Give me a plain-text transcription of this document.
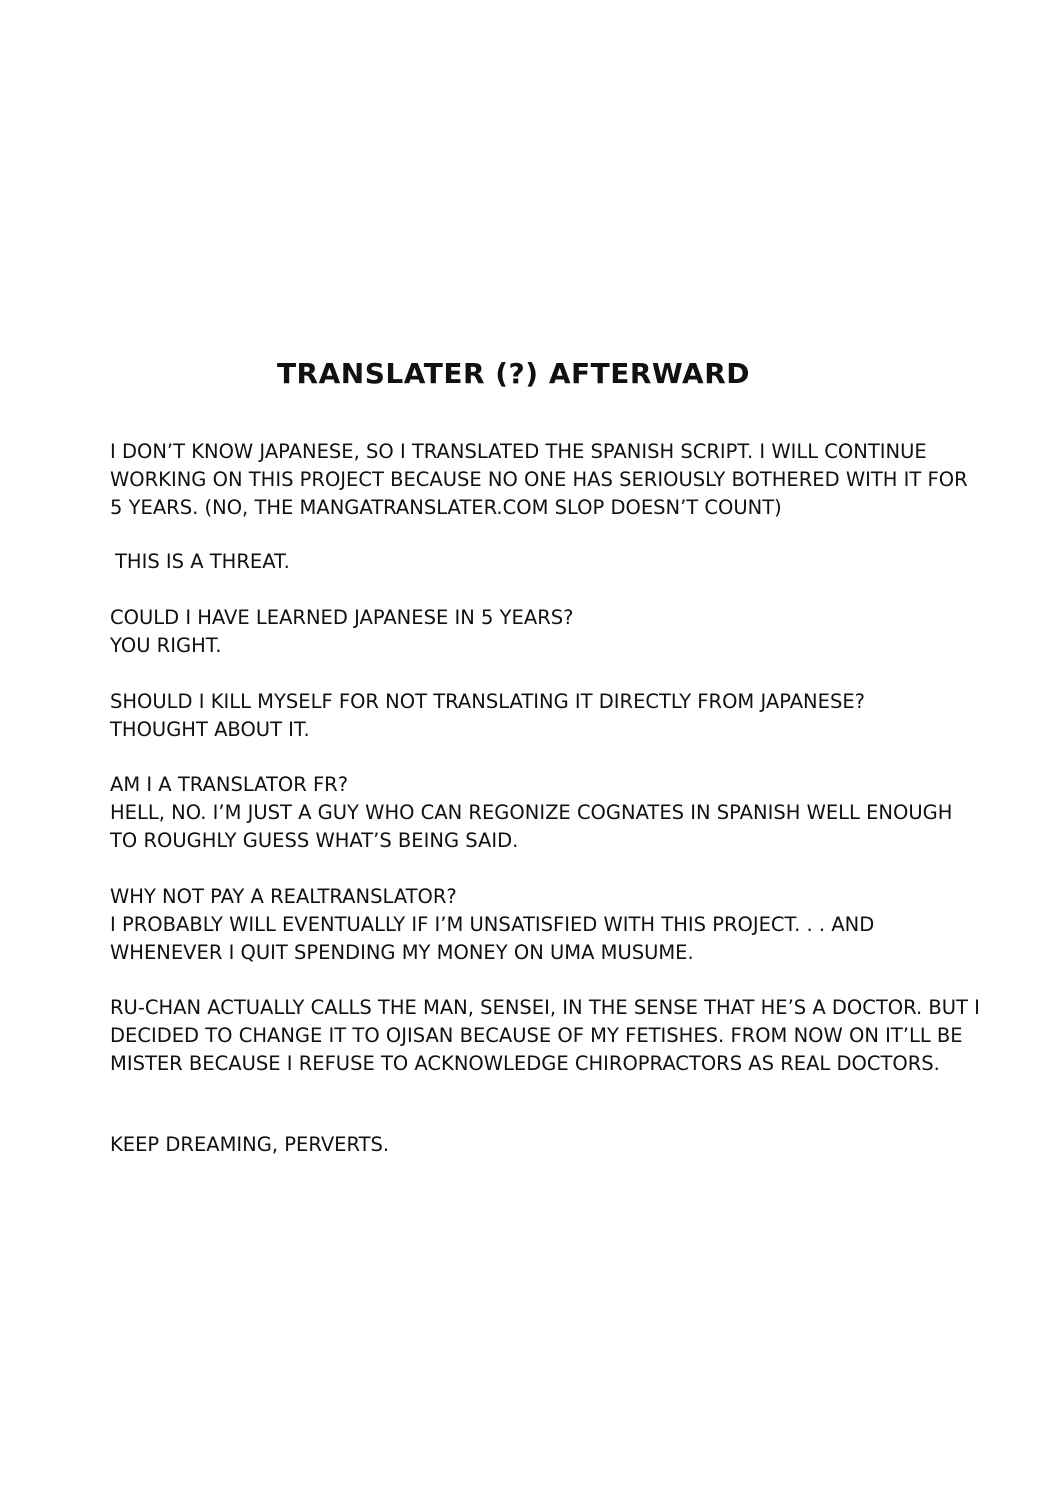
TRANSLATER (?) AFTERWARD

I DON’T KNOW JAPANESE, SO I TRANSLATED THE SPANISH SCRIPT. I WILL CONTINUE
WORKING ON THIS PROJECT BECAUSE NO ONE HAS SERIOUSLY BOTHERED WITH IT FOR
5 YEARS. (NO, THE MANGATRANSLATER.COM SLOP DOESN’T COUNT)

THIS IS A THREAT.

COULD I HAVE LEARNED JAPANESE IN 5 YEARS?
YOU RIGHT.

SHOULD I KILL MYSELF FOR NOT TRANSLATING IT DIRECTLY FROM JAPANESE?
THOUGHT ABOUT IT.

AM I A TRANSLATOR FR?
HELL, NO. I’M JUST A GUY WHO CAN REGONIZE COGNATES IN SPANISH WELL ENOUGH
TO ROUGHLY GUESS WHAT’S BEING SAID.

WHY NOT PAY A REALTRANSLATOR?
I PROBABLY WILL EVENTUALLY IF I’M UNSATISFIED WITH THIS PROJECT. . . AND
WHENEVER I QUIT SPENDING MY MONEY ON UMA MUSUME.

RU-CHAN ACTUALLY CALLS THE MAN, SENSEI, IN THE SENSE THAT HE’S A DOCTOR. BUT I
DECIDED TO CHANGE IT TO OJISAN BECAUSE OF MY FETISHES. FROM NOW ON IT’LL BE
MISTER BECAUSE I REFUSE TO ACKNOWLEDGE CHIROPRACTORS AS REAL DOCTORS.

KEEP DREAMING, PERVERTS.
